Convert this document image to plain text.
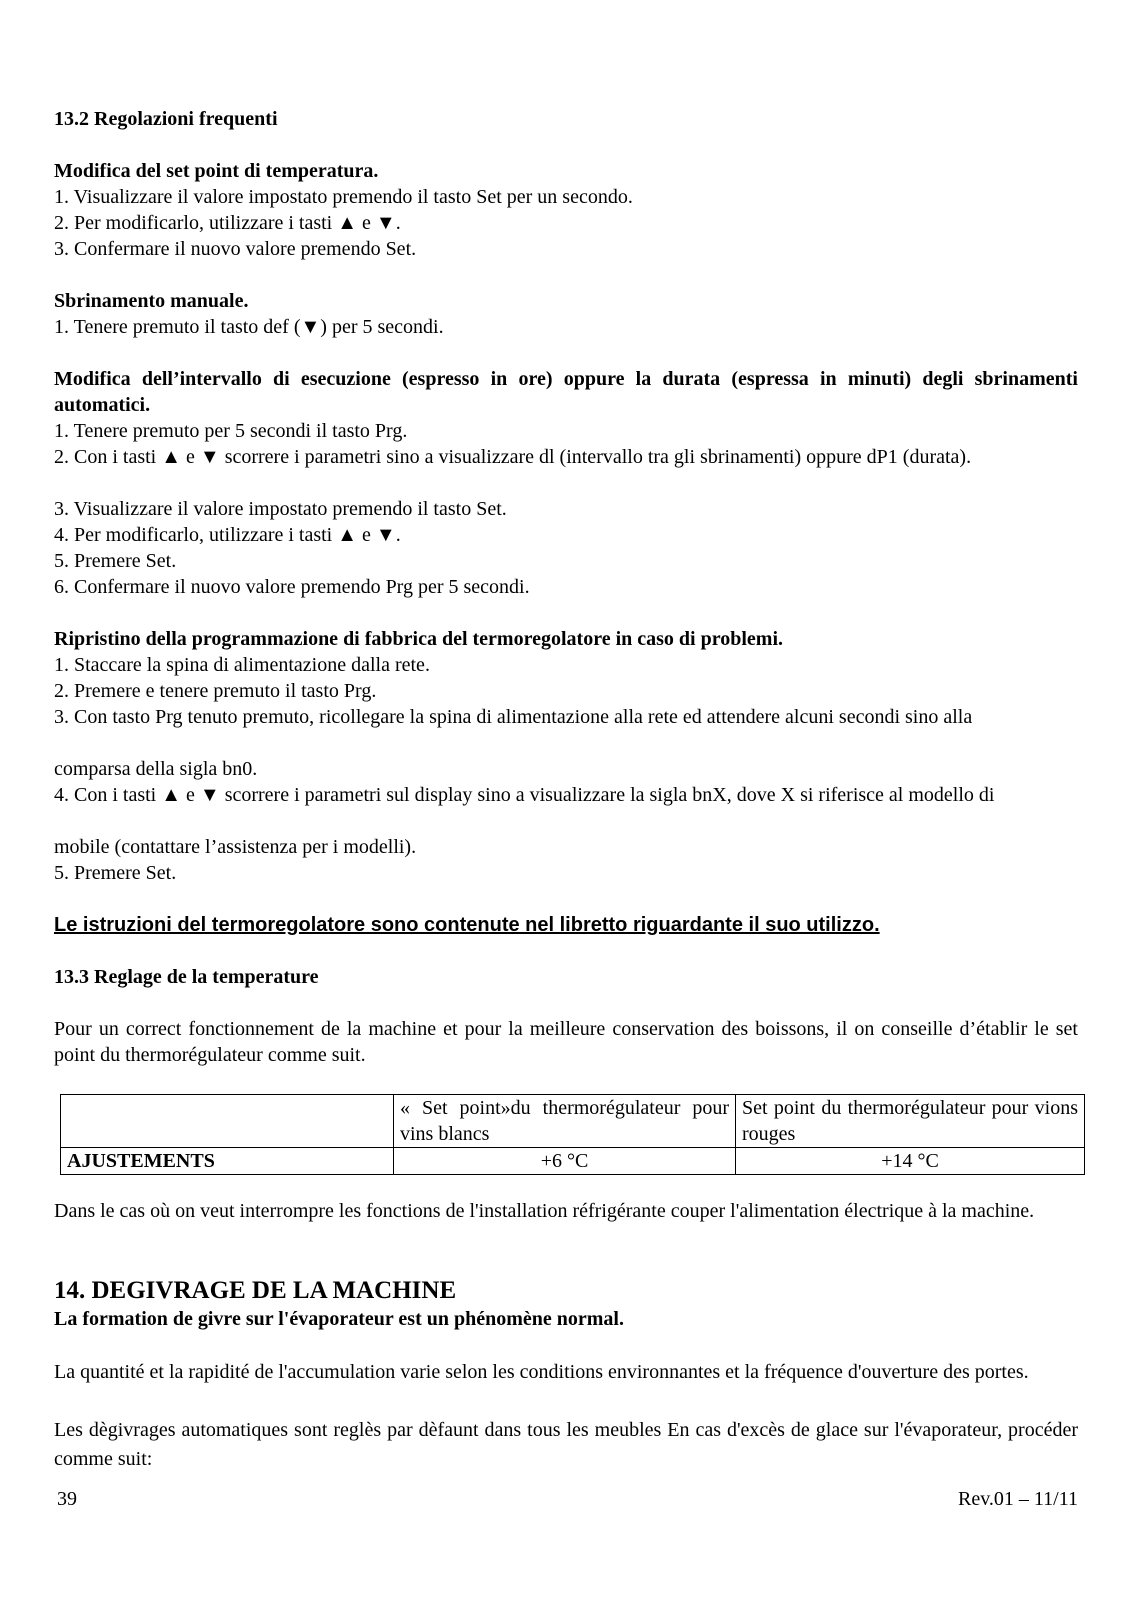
13.2 Regolazioni frequenti
Modifica del set point di temperatura.
1. Visualizzare il valore impostato premendo il tasto Set per un secondo.
2. Per modificarlo, utilizzare i tasti ▲ e ▼.
3. Confermare il nuovo valore premendo Set.
Sbrinamento manuale.
1. Tenere premuto il tasto def (▼) per 5 secondi.
Modifica dell’intervallo di esecuzione (espresso in ore) oppure la durata (espressa in minuti) degli sbrinamenti automatici.
1. Tenere premuto per 5 secondi il tasto Prg.
2. Con i tasti ▲ e ▼ scorrere i parametri sino a visualizzare dl (intervallo tra gli sbrinamenti) oppure dP1 (durata).
3. Visualizzare il valore impostato premendo il tasto Set.
4. Per modificarlo, utilizzare i tasti ▲ e ▼.
5. Premere Set.
6. Confermare il nuovo valore premendo Prg per 5 secondi.
Ripristino della programmazione di fabbrica del termoregolatore in caso di problemi.
1. Staccare la spina di alimentazione dalla rete.
2. Premere e tenere premuto il tasto Prg.
3. Con tasto Prg tenuto premuto, ricollegare la spina di alimentazione alla rete ed attendere alcuni secondi sino alla
comparsa della sigla bn0.
4. Con i tasti ▲ e ▼ scorrere i parametri sul display sino a visualizzare la sigla bnX, dove X si riferisce al modello di
mobile (contattare l’assistenza per i modelli).
5. Premere Set.
Le istruzioni del termoregolatore sono contenute nel libretto riguardante il suo utilizzo.
13.3 Reglage de la temperature
Pour un correct fonctionnement de la machine et pour la meilleure conservation des boissons, il on conseille d’établir le set point du thermorégulateur comme suit.
	« Set point»du thermorégulateur pour vins blancs	Set point du thermorégulateur pour vions rouges
AJUSTEMENTS	+6 °C	+14 °C
Dans le cas où on veut interrompre les fonctions de l'installation réfrigérante couper l'alimentation électrique à la machine.
14. DEGIVRAGE DE LA MACHINE
La formation de givre sur l'évaporateur est un phénomène normal.
La quantité et la rapidité de l'accumulation varie selon les conditions environnantes et la fréquence d'ouverture des portes.
Les dègivrages automatiques sont reglès par dèfaunt dans tous les meubles En cas d'excès de glace sur l'évaporateur, procéder comme suit:
39	Rev.01 – 11/11
